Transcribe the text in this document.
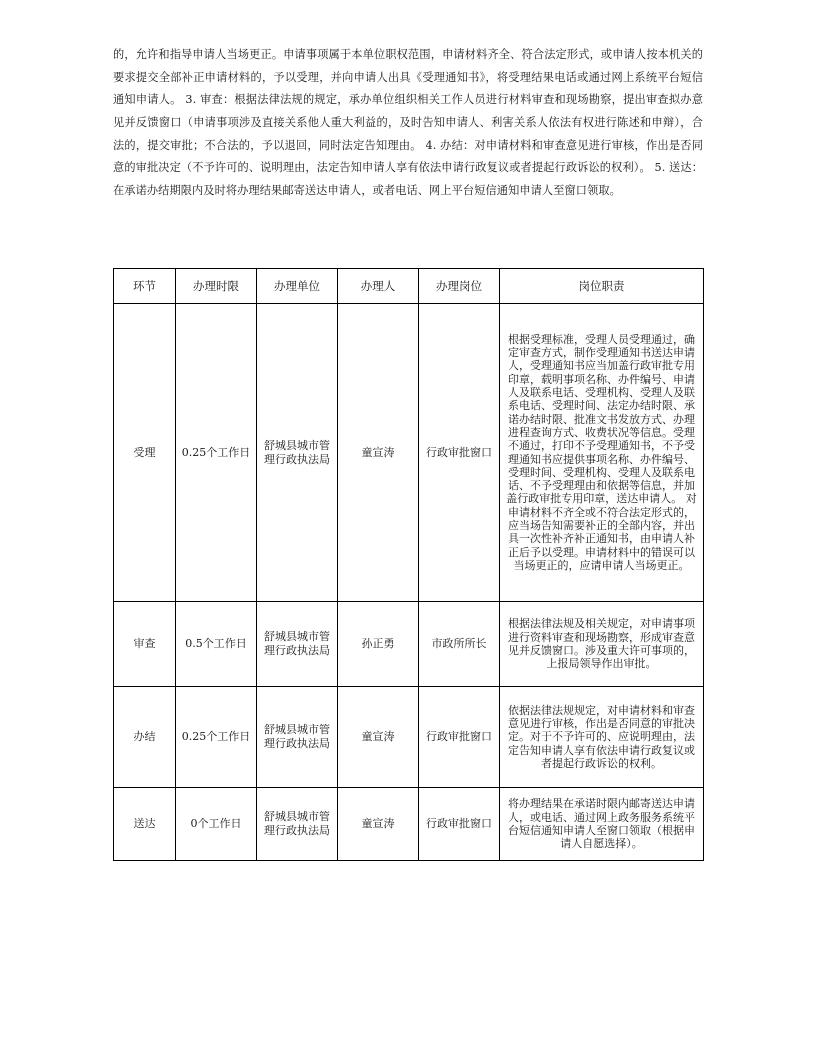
的，允许和指导申请人当场更正。申请事项属于本单位职权范围，申请材料齐全、符合法定形式，或申请人按本机关的要求提交全部补正申请材料的，予以受理，并向申请人出具《受理通知书》，将受理结果电话或通过网上系统平台短信通知申请人。 3. 审查：根据法律法规的规定，承办单位组织相关工作人员进行材料审查和现场勘察，提出审查拟办意见并反馈窗口（申请事项涉及直接关系他人重大利益的，及时告知申请人、利害关系人依法有权进行陈述和申辩），合法的，提交审批；不合法的，予以退回，同时法定告知理由。 4. 办结：对申请材料和审查意见进行审核，作出是否同意的审批决定（不予许可的、说明理由，法定告知申请人享有依法申请行政复议或者提起行政诉讼的权利）。 5. 送达：在承诺办结期限内及时将办理结果邮寄送达申请人，或者电话、网上平台短信通知申请人至窗口领取。

环节	办理时限	办理单位	办理人	办理岗位	岗位职责
受理	0.25个工作日	舒城县城市管理行政执法局	童宣涛	行政审批窗口	根据受理标准，受理人员受理通过，确定审查方式，制作受理通知书送达申请人，受理通知书应当加盖行政审批专用印章，载明事项名称、办件编号、申请人及联系电话、受理机构、受理人及联系电话、受理时间、法定办结时限、承诺办结时限、批准文书发放方式、办理进程查询方式、收费状况等信息。受理不通过，打印不予受理通知书，不予受理通知书应提供事项名称、办件编号、受理时间、受理机构、受理人及联系电话、不予受理理由和依据等信息，并加盖行政审批专用印章，送达申请人。 对申请材料不齐全或不符合法定形式的，应当场告知需要补正的全部内容，并出具一次性补齐补正通知书，由申请人补正后予以受理。申请材料中的错误可以当场更正的，应请申请人当场更正。
审查	0.5个工作日	舒城县城市管理行政执法局	孙正勇	市政所所长	根据法律法规及相关规定，对申请事项进行资料审查和现场勘察，形成审查意见并反馈窗口。涉及重大许可事项的，上报局领导作出审批。
办结	0.25个工作日	舒城县城市管理行政执法局	童宣涛	行政审批窗口	依据法律法规规定，对申请材料和审查意见进行审核，作出是否同意的审批决定。对于不予许可的、应说明理由，法定告知申请人享有依法申请行政复议或者提起行政诉讼的权利。
送达	0个工作日	舒城县城市管理行政执法局	童宣涛	行政审批窗口	将办理结果在承诺时限内邮寄送达申请人，或电话、通过网上政务服务系统平台短信通知申请人至窗口领取（根据申请人自愿选择）。
